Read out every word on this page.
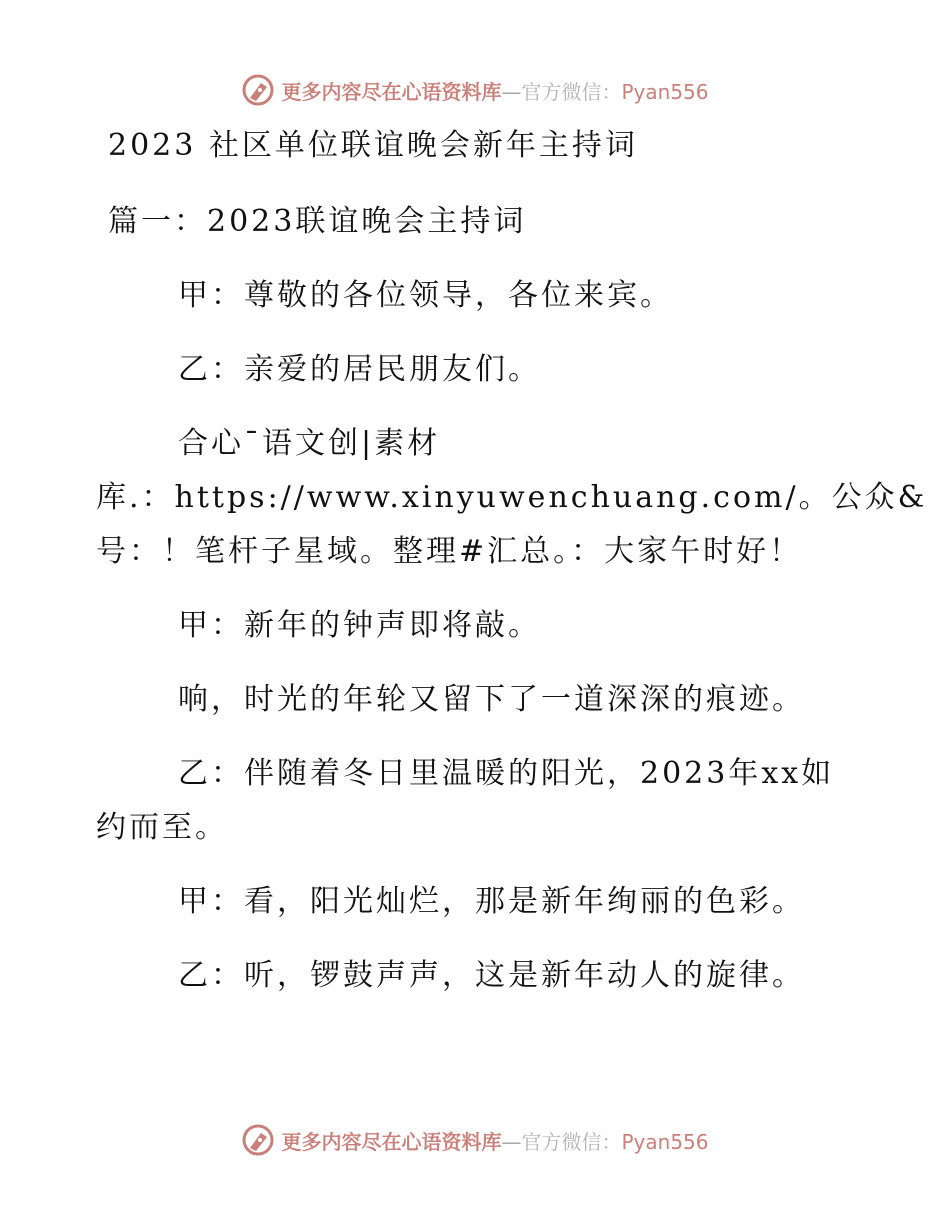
更多内容尽在心语资料库—官方微信：Pyan556
2023 社区单位联谊晚会新年主持词
篇一：2023联谊晚会主持词
甲：尊敬的各位领导，各位来宾。
乙：亲爱的居民朋友们。
合心¯语文创|素材
库.：https://www.xinyuwenchuang.com/。公众&
号：！笔杆子星域。整理#汇总。：大家午时好！
甲：新年的钟声即将敲。
响，时光的年轮又留下了一道深深的痕迹。
乙：伴随着冬日里温暖的阳光，2023年xx如
约而至。
甲：看，阳光灿烂，那是新年绚丽的色彩。
乙：听，锣鼓声声，这是新年动人的旋律。
更多内容尽在心语资料库—官方微信：Pyan556
